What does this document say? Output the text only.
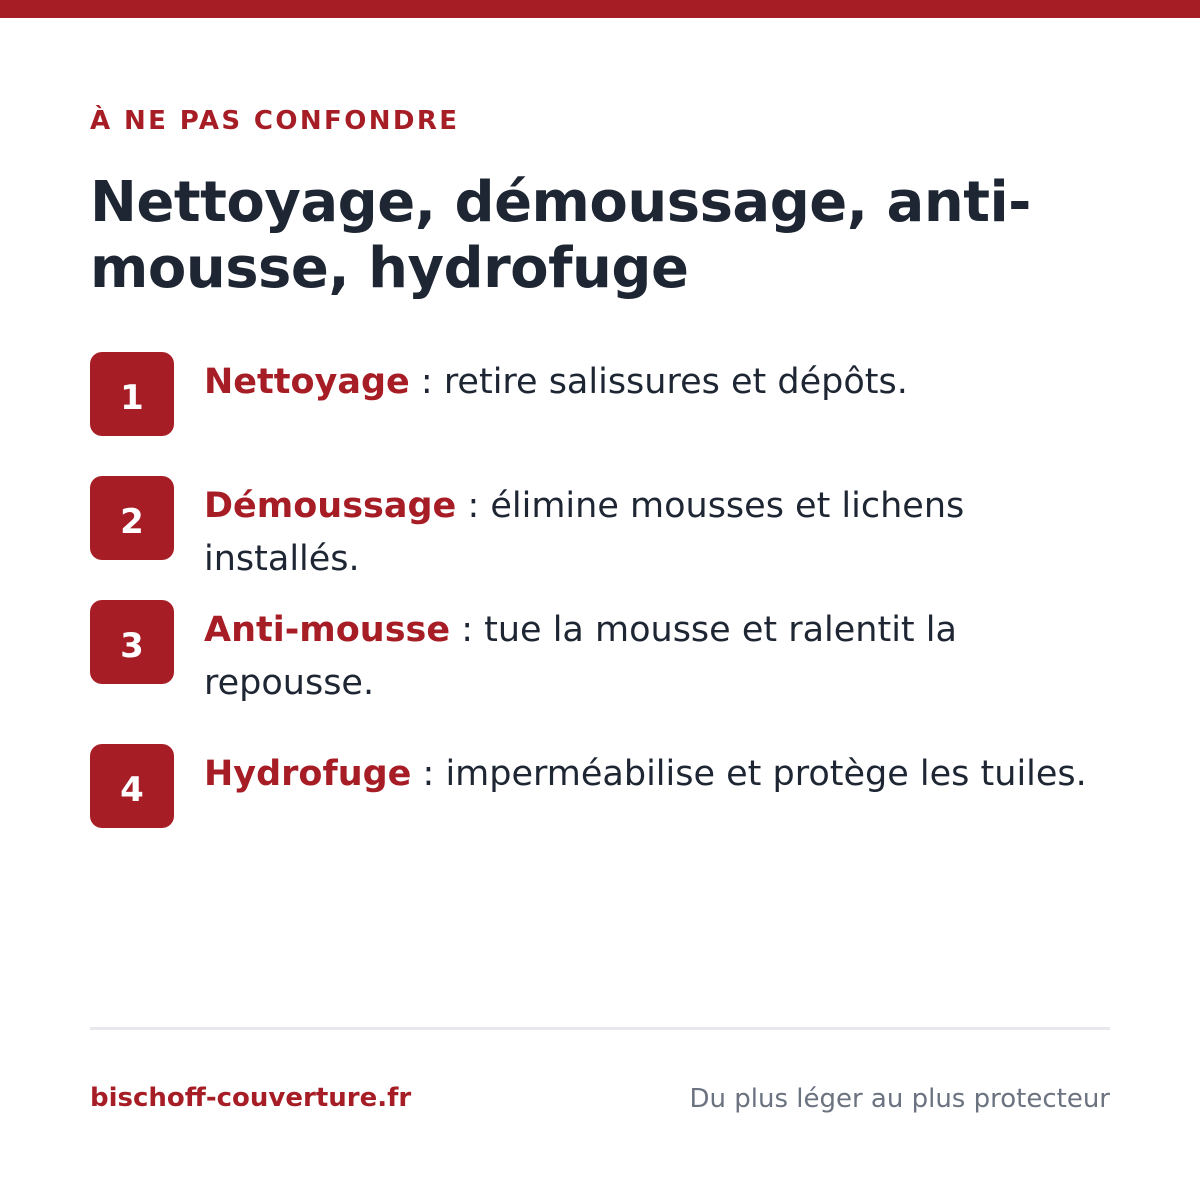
À NE PAS CONFONDRE
Nettoyage, démoussage, anti-mousse, hydrofuge
1	Nettoyage : retire salissures et dépôts.
2	Démoussage : élimine mousses et lichens installés.
3	Anti-mousse : tue la mousse et ralentit la repousse.
4	Hydrofuge : imperméabilise et protège les tuiles.
bischoff-couverture.fr	Du plus léger au plus protecteur
